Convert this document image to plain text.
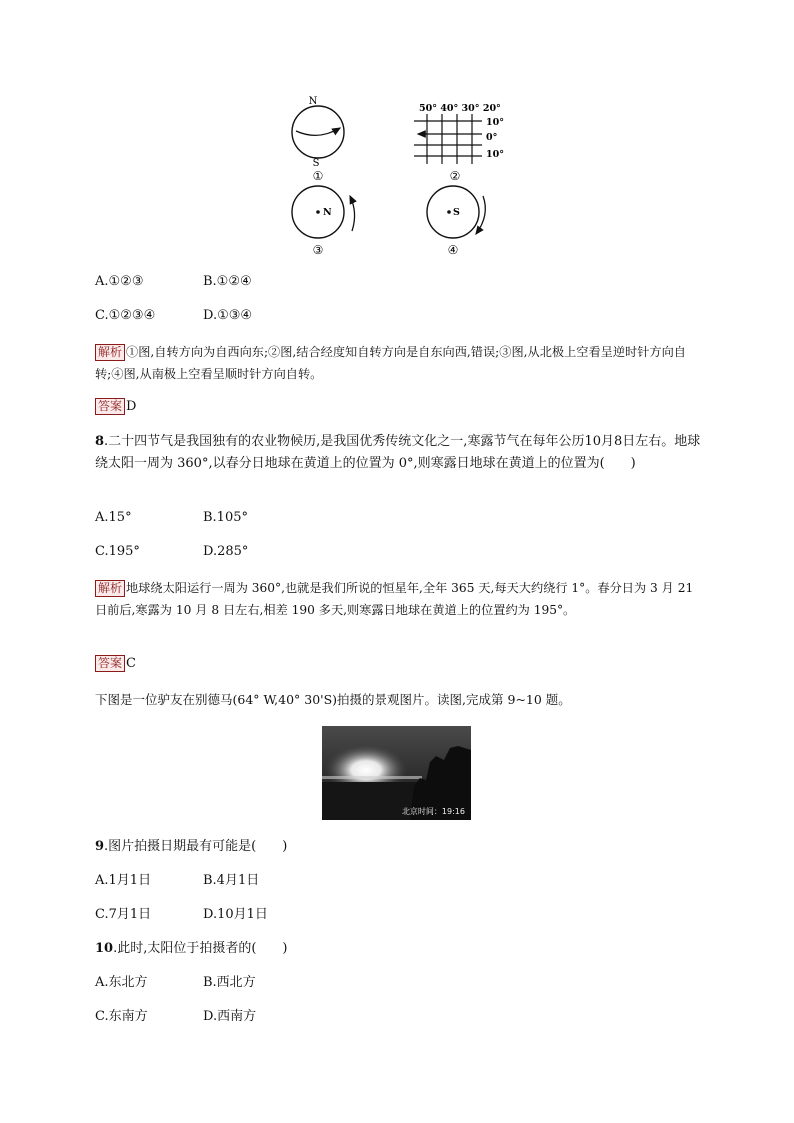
N
S
①
50° 40° 30° 20°
10°
0°
10°
②
N
③
S
④
A.①②③	B.①②④
C.①②③④	D.①③④
解析 ①图,自转方向为自西向东;②图,结合经度知自转方向是自东向西,错误;③图,从北极上空看呈逆时针方向自转;④图,从南极上空看呈顺时针方向自转。
答案 D
8.二十四节气是我国独有的农业物候历,是我国优秀传统文化之一,寒露节气在每年公历10月8日左右。地球绕太阳一周为 360°,以春分日地球在黄道上的位置为 0°,则寒露日地球在黄道上的位置为(　　)
A.15°	B.105°
C.195°	D.285°
解析 地球绕太阳运行一周为 360°,也就是我们所说的恒星年,全年 365 天,每天大约绕行 1°。春分日为 3 月 21 日前后,寒露为 10 月 8 日左右,相差 190 多天,则寒露日地球在黄道上的位置约为 195°。
答案 C
下图是一位驴友在别德马(64° W,40° 30'S)拍摄的景观图片。读图,完成第 9~10 题。
北京时间：19:16
9.图片拍摄日期最有可能是(　　)
A.1月1日	B.4月1日
C.7月1日	D.10月1日
10.此时,太阳位于拍摄者的(　　)
A.东北方	B.西北方
C.东南方	D.西南方
